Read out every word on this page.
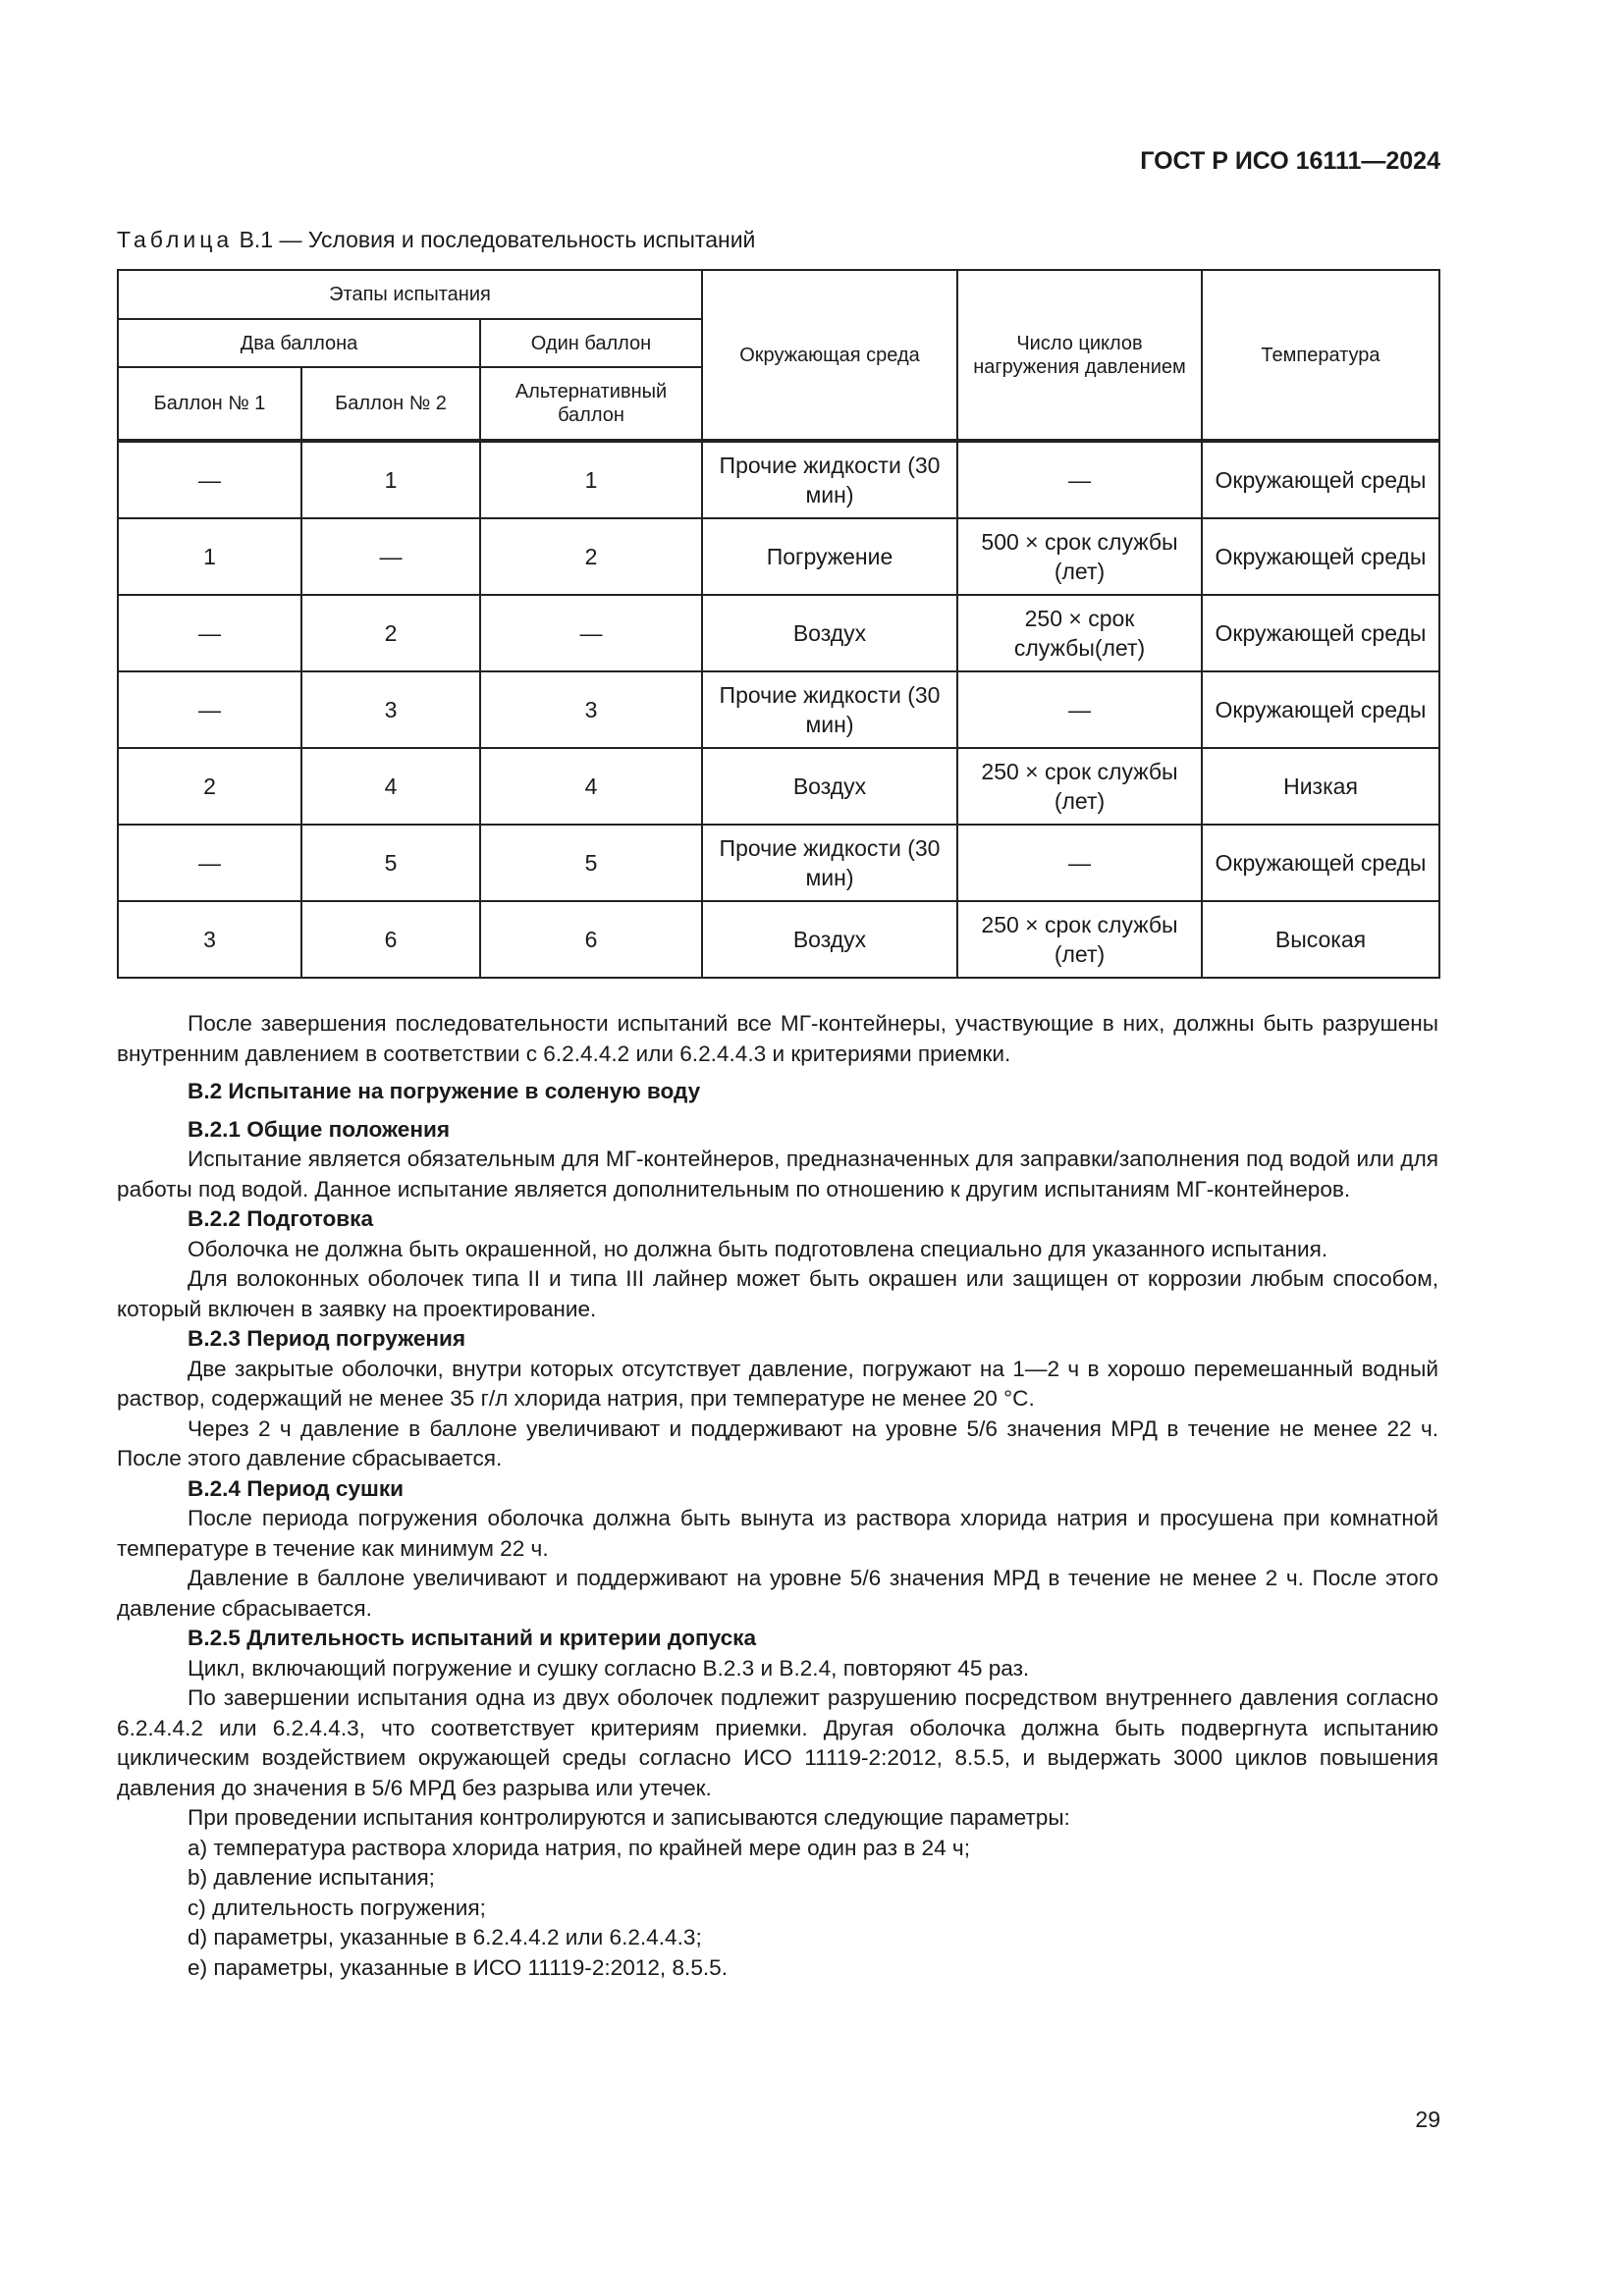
ГОСТ Р ИСО 16111—2024
Таблица В.1 — Условия и последовательность испытаний
Этапы испытания			Окружающая среда	Число циклов нагружения давлением	Температура
Два баллона		Один баллон			
Баллон № 1	Баллон № 2	Альтернативный баллон			
—	1	1	Прочие жидкости (30 мин)	—	Окружающей среды
1	—	2	Погружение	500 × срок службы (лет)	Окружающей среды
—	2	—	Воздух	250 × срок службы(лет)	Окружающей среды
—	3	3	Прочие жидкости (30 мин)	—	Окружающей среды
2	4	4	Воздух	250 × срок службы (лет)	Низкая
—	5	5	Прочие жидкости (30 мин)	—	Окружающей среды
3	6	6	Воздух	250 × срок службы (лет)	Высокая

После завершения последовательности испытаний все МГ-контейнеры, участвующие в них, должны быть разрушены внутренним давлением в соответствии с 6.2.4.4.2 или 6.2.4.4.3 и критериями приемки.

В.2 Испытание на погружение в соленую воду

В.2.1 Общие положения

Испытание является обязательным для МГ-контейнеров, предназначенных для заправки/заполнения под водой или для работы под водой. Данное испытание является дополнительным по отношению к другим испытаниям МГ-контейнеров.

В.2.2 Подготовка

Оболочка не должна быть окрашенной, но должна быть подготовлена специально для указанного испытания.

Для волоконных оболочек типа II и типа III лайнер может быть окрашен или защищен от коррозии любым способом, который включен в заявку на проектирование.

В.2.3 Период погружения

Две закрытые оболочки, внутри которых отсутствует давление, погружают на 1—2 ч в хорошо перемешанный водный раствор, содержащий не менее 35 г/л хлорида натрия, при температуре не менее 20 °С.

Через 2 ч давление в баллоне увеличивают и поддерживают на уровне 5/6 значения МРД в течение не менее 22 ч. После этого давление сбрасывается.

В.2.4 Период сушки

После периода погружения оболочка должна быть вынута из раствора хлорида натрия и просушена при комнатной температуре в течение как минимум 22 ч.

Давление в баллоне увеличивают и поддерживают на уровне 5/6 значения МРД в течение не менее 2 ч. После этого давление сбрасывается.

В.2.5 Длительность испытаний и критерии допуска

Цикл, включающий погружение и сушку согласно В.2.3 и В.2.4, повторяют 45 раз.

По завершении испытания одна из двух оболочек подлежит разрушению посредством внутреннего давления согласно 6.2.4.4.2 или 6.2.4.4.3, что соответствует критериям приемки. Другая оболочка должна быть подвергнута испытанию циклическим воздействием окружающей среды согласно ИСО 11119-2:2012, 8.5.5, и выдержать 3000 циклов повышения давления до значения в 5/6 МРД без разрыва или утечек.

При проведении испытания контролируются и записываются следующие параметры:

а) температура раствора хлорида натрия, по крайней мере один раз в 24 ч;

b) давление испытания;

c) длительность погружения;

d) параметры, указанные в 6.2.4.4.2 или 6.2.4.4.3;

е) параметры, указанные в ИСО 11119-2:2012, 8.5.5.

29
